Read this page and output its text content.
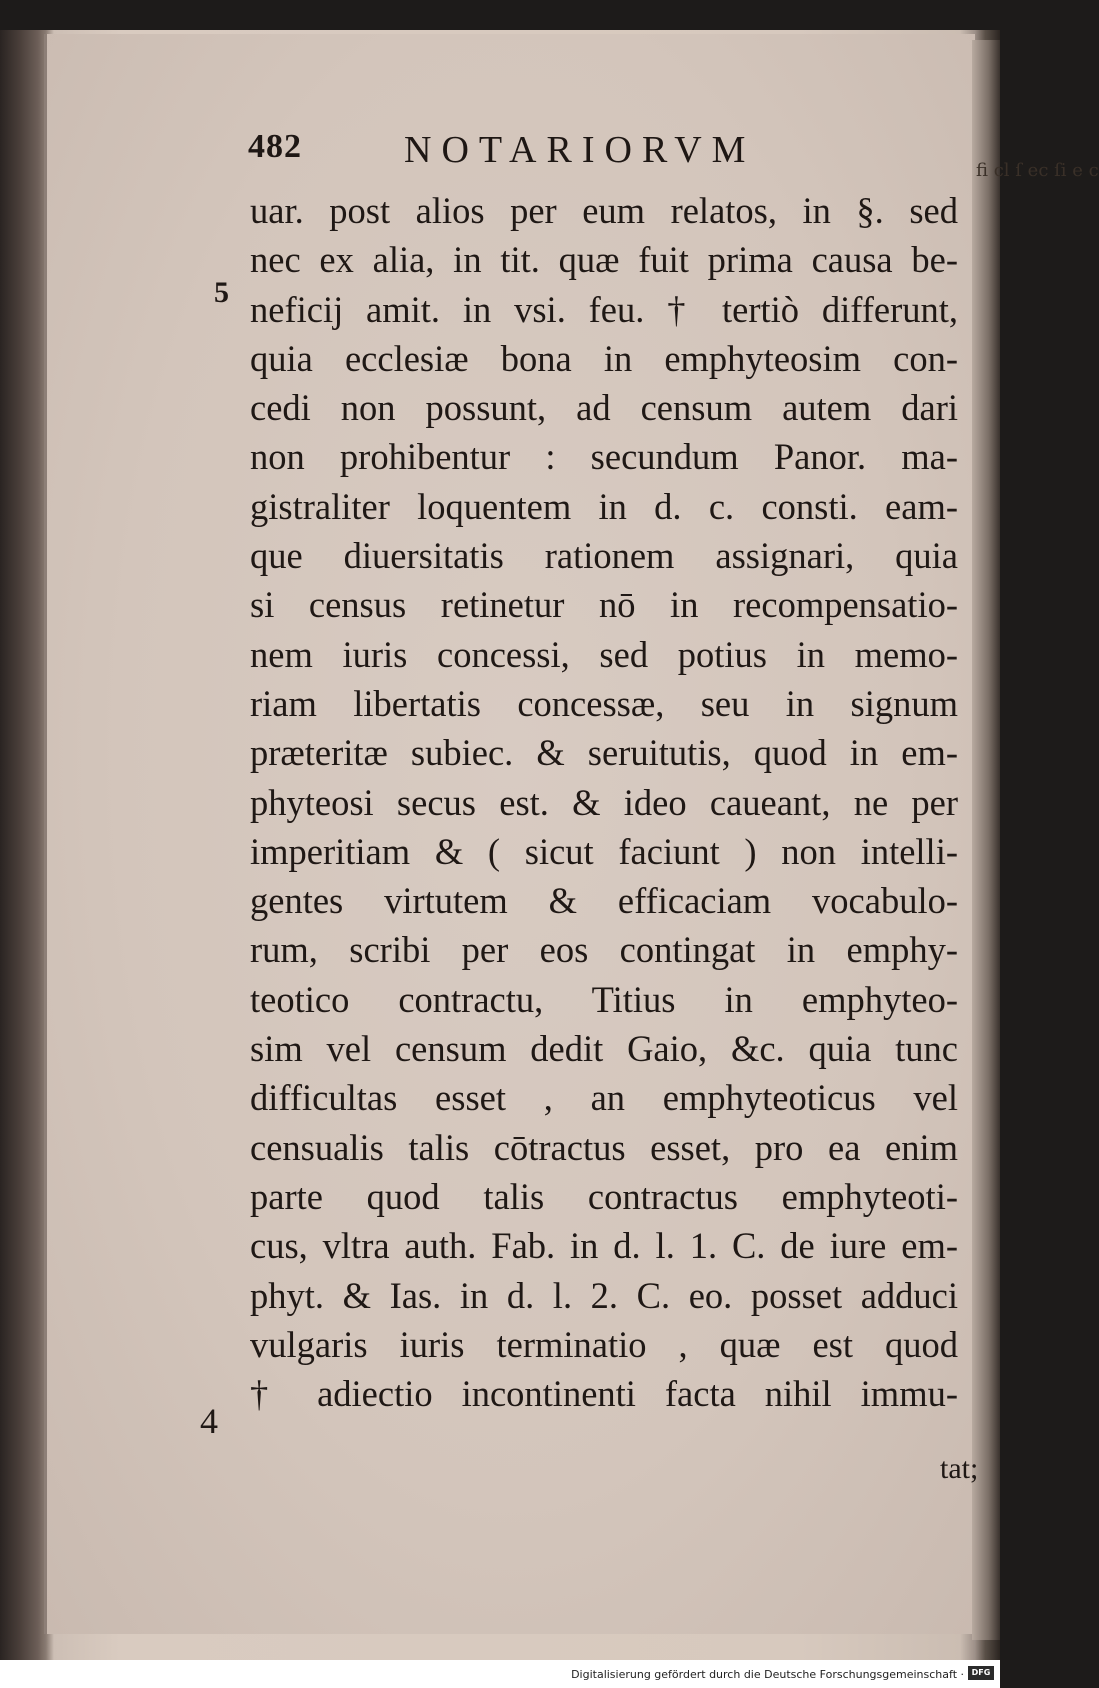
fi cl ſ ec ſi e c
482	NOTARIORVM
5
4
uar. post alios per eum relatos, in §. sed
nec ex alia, in tit. quæ fuit prima causa be-
neficij amit. in vsi. feu. † tertiò differunt,
quia ecclesiæ bona in emphyteosim con-
cedi non possunt, ad censum autem dari
non prohibentur : secundum Panor. ma-
gistraliter loquentem in d. c. consti. eam-
que diuersitatis rationem assignari, quia
si census retinetur nō in recompensatio-
nem iuris concessi, sed potius in memo-
riam libertatis concessæ, seu in signum
præteritæ subiec. & seruitutis, quod in em-
phyteosi secus est. & ideo caueant, ne per
imperitiam & ( sicut faciunt ) non intelli-
gentes virtutem & efficaciam vocabulo-
rum, scribi per eos contingat in emphy-
teotico contractu, Titius in emphyteo-
sim vel censum dedit Gaio, &c. quia tunc
difficultas esset , an emphyteoticus vel
censualis talis cōtractus esset, pro ea enim
parte quod talis contractus emphyteoti-
cus, vltra auth. Fab. in d. l. 1. C. de iure em-
phyt. & Ias. in d. l. 2. C. eo. posset adduci
vulgaris iuris terminatio , quæ est quod
† adiectio incontinenti facta nihil immu-
tat;
Digitalisierung gefördert durch die Deutsche Forschungsgemeinschaft · DFG
